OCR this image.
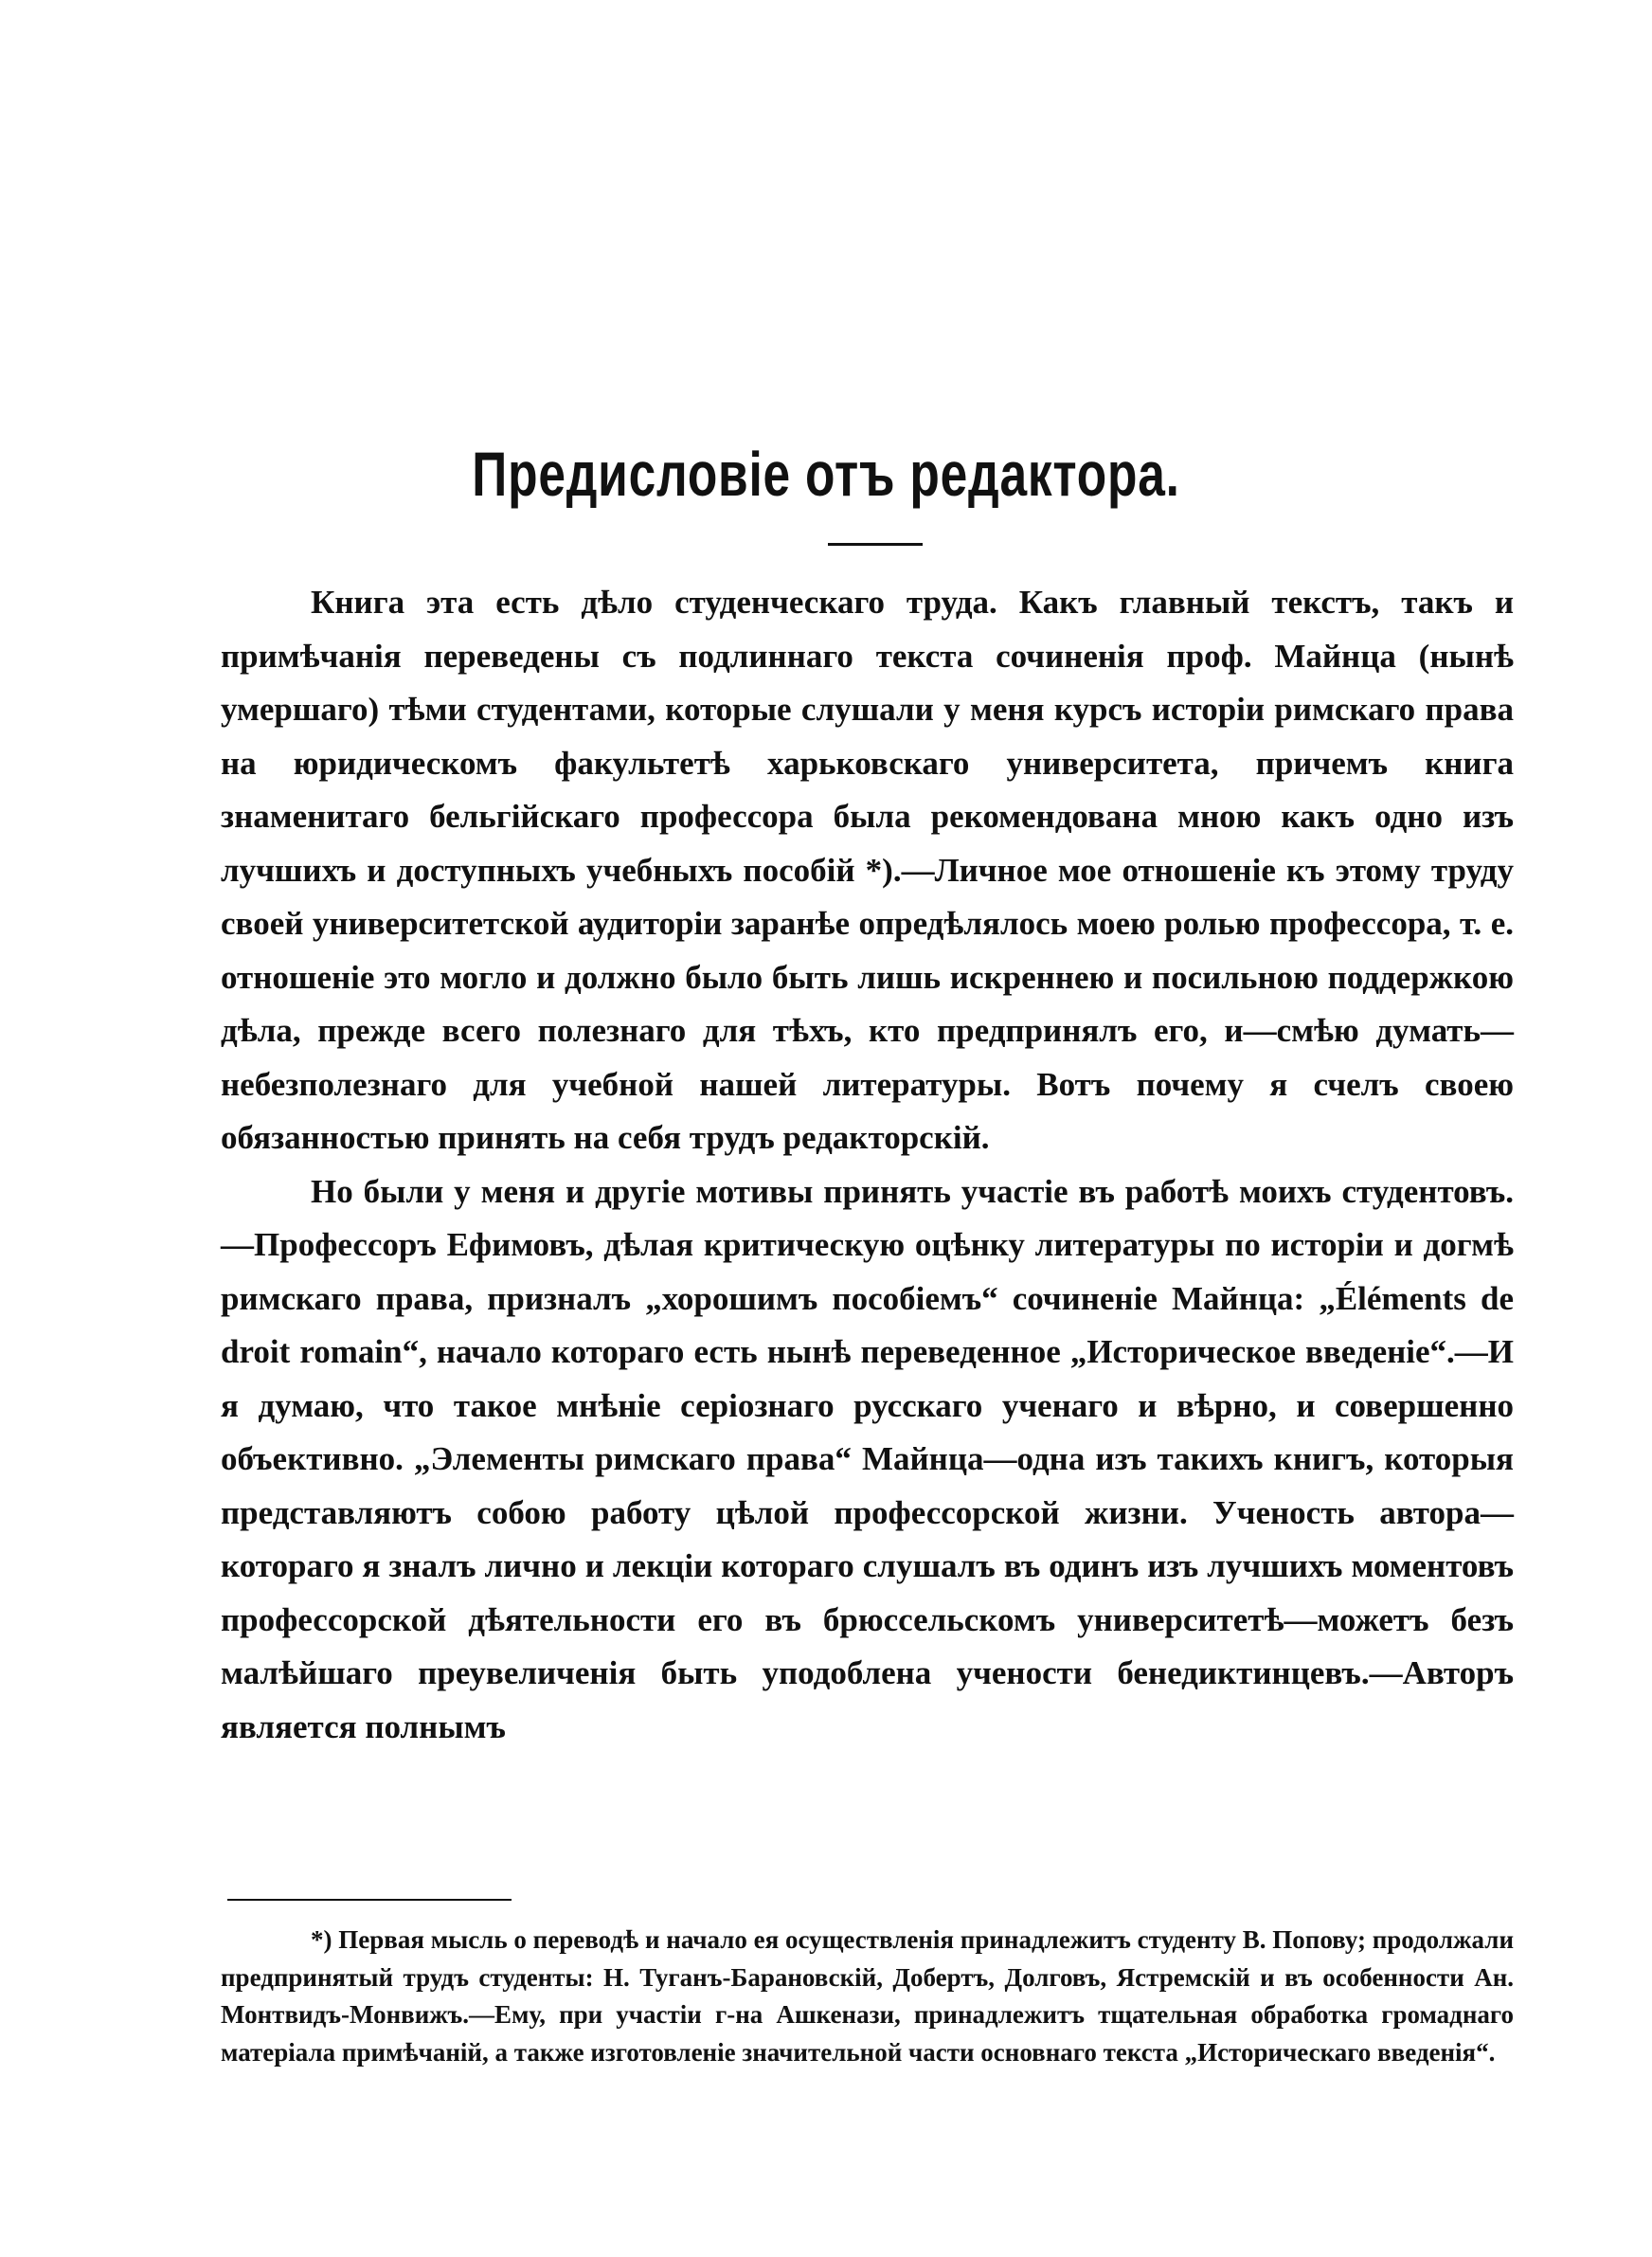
Предисловіе отъ редактора.

Книга эта есть дѣло студенческаго труда. Какъ главный текстъ, такъ и примѣчанія переведены съ подлиннаго текста сочиненія проф. Майнца (нынѣ умершаго) тѣми студентами, которые слушали у меня курсъ исторіи римскаго права на юридическомъ факультетѣ харьковскаго университета, причемъ книга знаменитаго бельгійскаго профессора была рекомендована мною какъ одно изъ лучшихъ и доступныхъ учебныхъ пособій *).—Личное мое отношеніе къ этому труду своей университетской аудиторіи заранѣе опредѣлялось моею ролью профессора, т. е. отношеніе это могло и должно было быть лишь искреннею и посильною поддержкою дѣла, прежде всего полезнаго для тѣхъ, кто предпринялъ его, и—смѣю думать—небезполезнаго для учебной нашей литературы. Вотъ почему я счелъ своею обязанностью принять на себя трудъ редакторскій.

Но были у меня и другіе мотивы принять участіе въ работѣ моихъ студентовъ.—Профессоръ Ефимовъ, дѣлая критическую оцѣнку литературы по исторіи и догмѣ римскаго права, призналъ „хорошимъ пособіемъ“ сочиненіе Майнца: „Éléments de droit romain“, начало котораго есть нынѣ переведенное „Историческое введеніе“.—И я думаю, что такое мнѣніе серіознаго русскаго ученаго и вѣрно, и совершенно объективно. „Элементы римскаго права“ Майнца—одна изъ такихъ книгъ, которыя представляютъ собою работу цѣлой профессорской жизни. Ученость автора—котораго я зналъ лично и лекціи котораго слушалъ въ одинъ изъ лучшихъ моментовъ профессорской дѣятельности его въ брюссельскомъ университетѣ—можетъ безъ малѣйшаго преувеличенія быть уподоблена учености бенедиктинцевъ.—Авторъ является полнымъ

*) Первая мысль о переводѣ и начало ея осуществленія принадлежитъ студенту В. Попову; продолжали предпринятый трудъ студенты: Н. Туганъ-Барановскій, Добертъ, Долговъ, Ястремскій и въ особенности Ан. Монтвидъ-Монвижъ.—Ему, при участіи г-на Ашкенази, принадлежитъ тщательная обработка громаднаго матеріала примѣчаній, а также изготовленіе значительной части основнаго текста „Историческаго введенія“.
